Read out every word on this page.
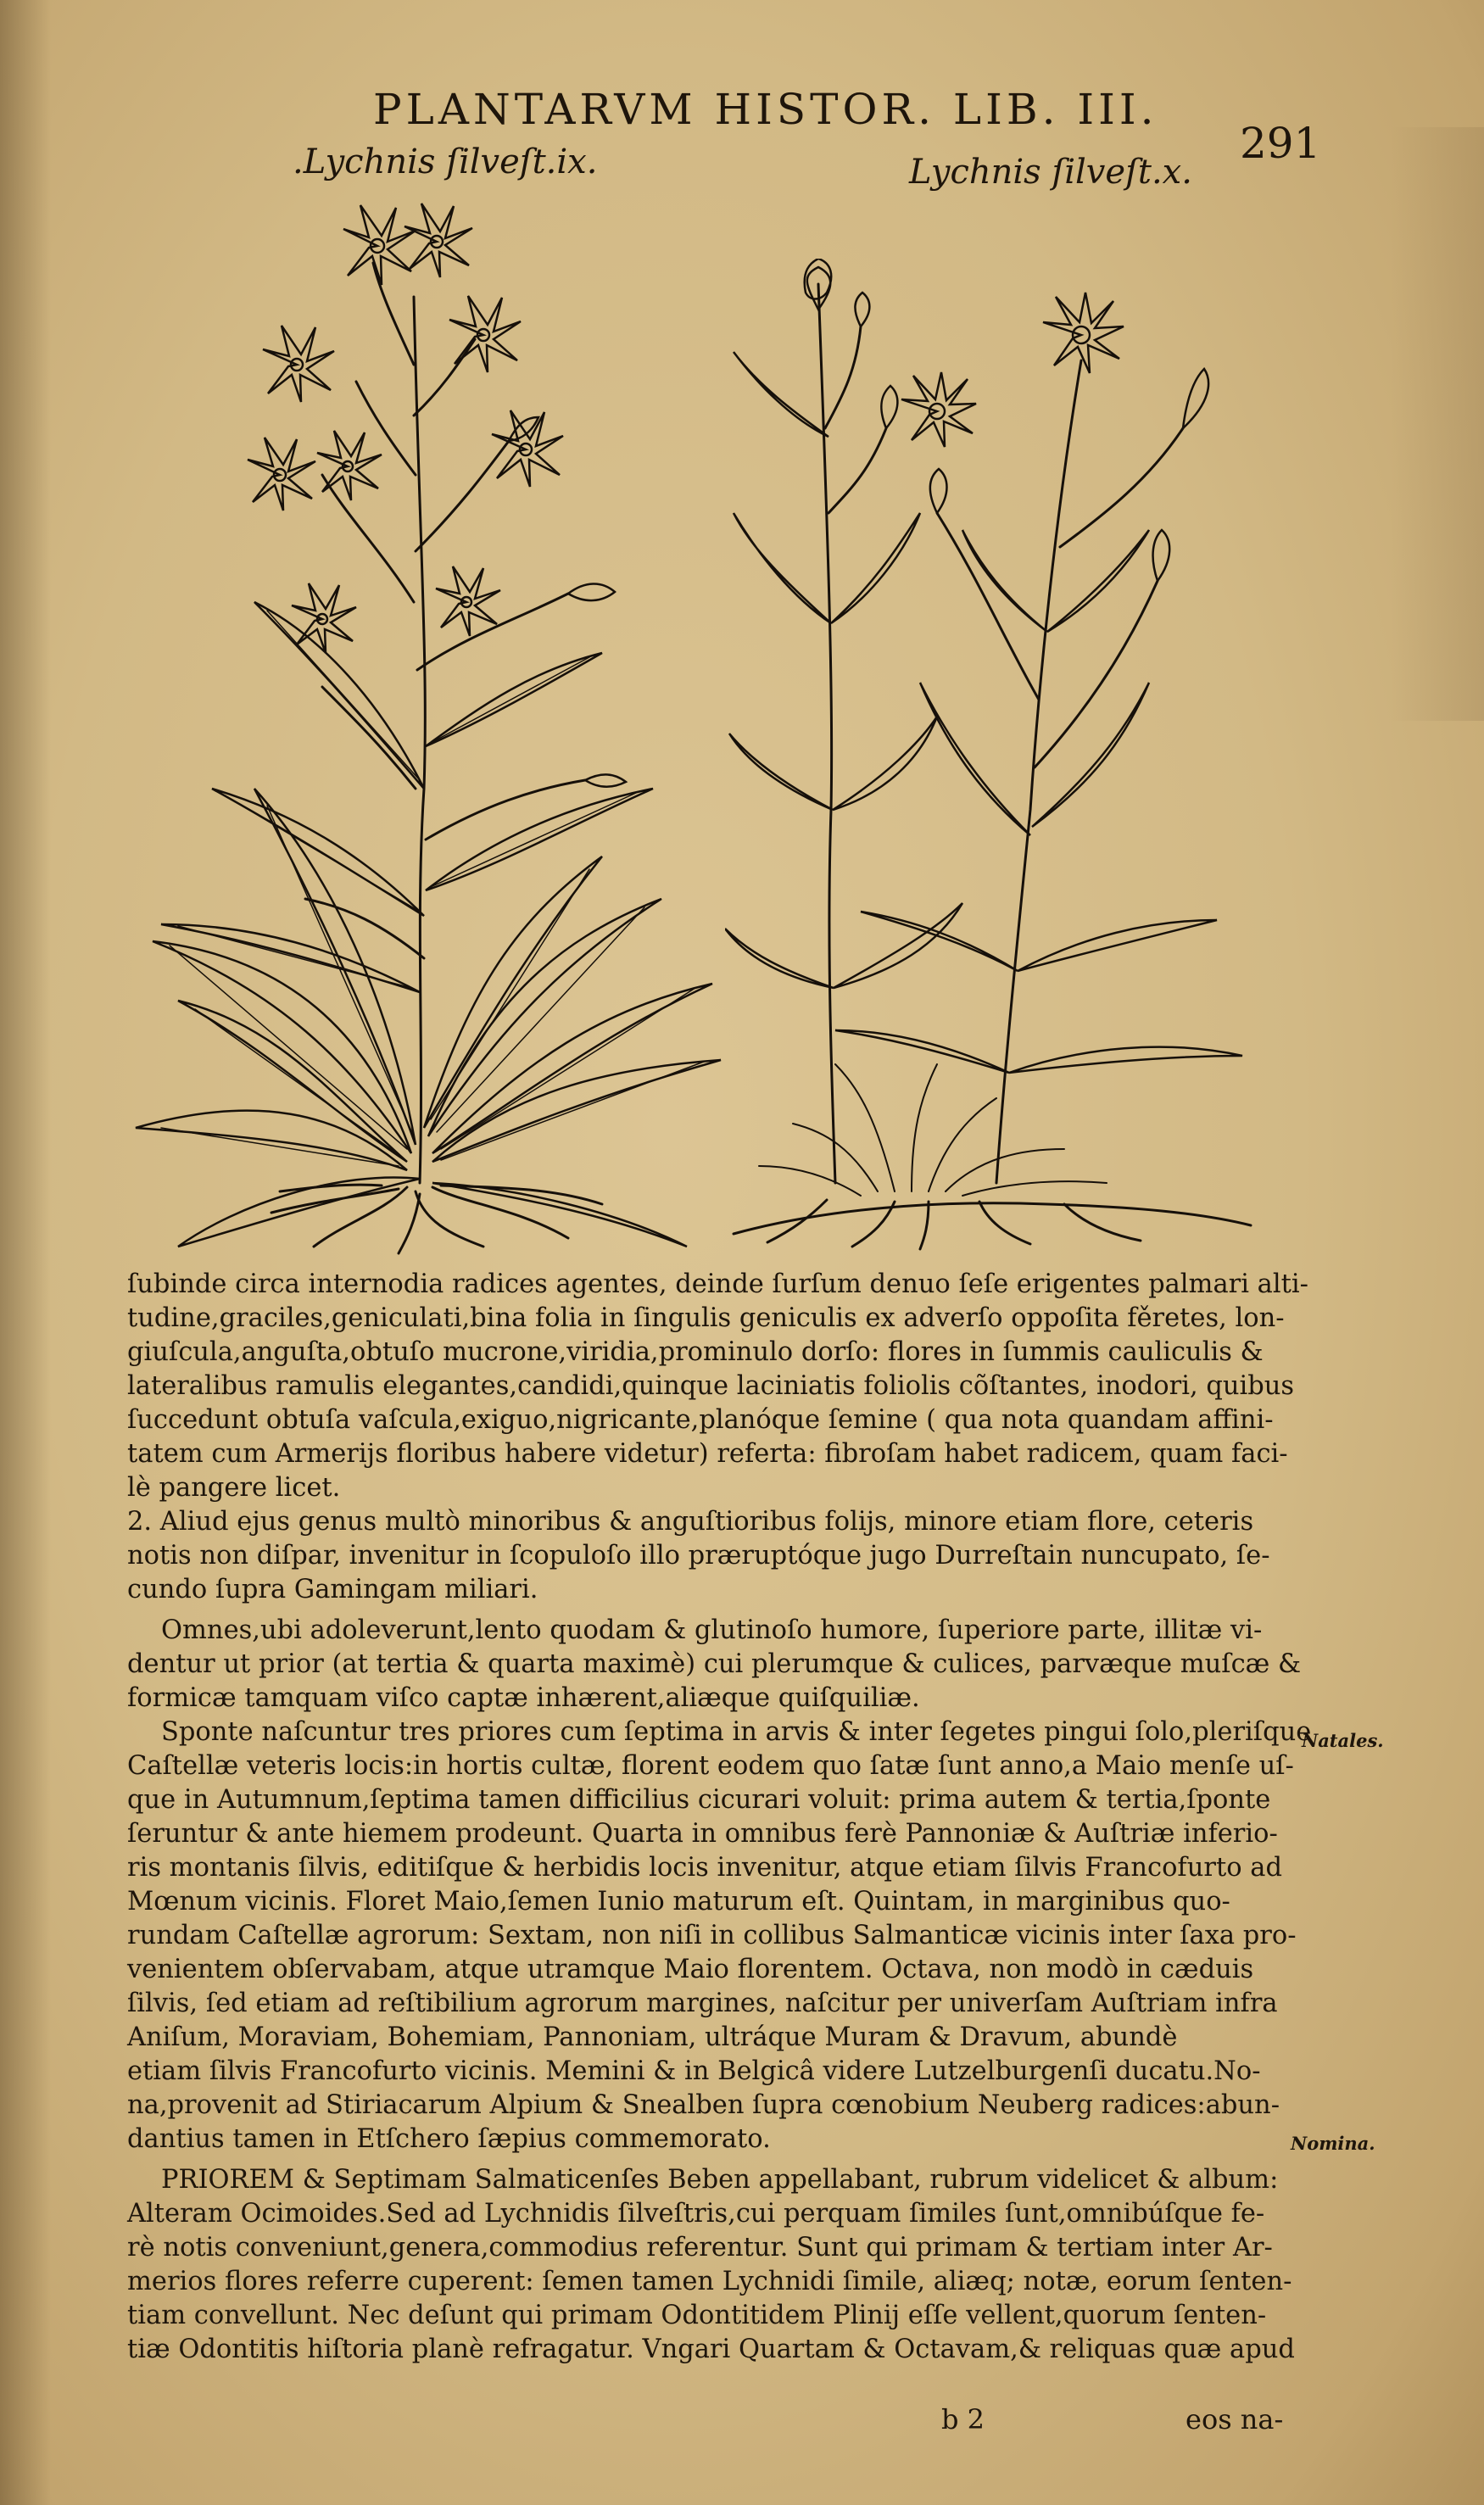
PLANTARVM HISTOR. LIB. III.
291
.Lychnis ſilveſt.ix.	Lychnis ſilveſt.x.
ſubinde circa internodia radices agentes, deinde ſurſum denuo ſeſe erigentes palmari alti-
tudine,graciles,geniculati,bina folia in ſingulis geniculis ex adverſo oppoſita fěretes, lon-
giuſcula,anguſta,obtuſo mucrone,viridia,prominulo dorſo: flores in ſummis cauliculis &
lateralibus ramulis elegantes,candidi,quinque laciniatis foliolis cõſtantes, inodori, quibus
ſuccedunt obtuſa vaſcula,exiguo,nigricante,planóque ſemine ( qua nota quandam affini-
tatem cum Armerijs floribus habere videtur) referta: fibroſam habet radicem, quam faci-
lè pangere licet.
2. Aliud ejus genus multò minoribus & anguſtioribus folijs, minore etiam flore, ceteris
notis non diſpar, invenitur in ſcopuloſo illo præruptóque jugo Durreſtain nuncupato, ſe-
cundo ſupra Gamingam miliari.
Omnes,ubi adoleverunt,lento quodam & glutinoſo humore, ſuperiore parte, illitæ vi-
dentur ut prior (at tertia & quarta maximè) cui plerumque & culices, parvæque muſcæ &
formicæ tamquam viſco captæ inhærent,aliæque quiſquiliæ.
Sponte naſcuntur tres priores cum ſeptima in arvis & inter ſegetes pingui ſolo,pleriſque
Caſtellæ veteris locis:in hortis cultæ, florent eodem quo ſatæ ſunt anno,a Maio menſe uſ-
que in Autumnum,ſeptima tamen difficilius cicurari voluit: prima autem & tertia,ſponte
ſeruntur & ante hiemem prodeunt. Quarta in omnibus ferè Pannoniæ & Auſtriæ inferio-
ris montanis ſilvis, editiſque & herbidis locis invenitur, atque etiam ſilvis Francofurto ad
Mœnum vicinis. Floret Maio,ſemen Iunio maturum eſt. Quintam, in marginibus quo-
rundam Caſtellæ agrorum: Sextam, non niſi in collibus Salmanticæ vicinis inter ſaxa pro-
venientem obſervabam, atque utramque Maio florentem. Octava, non modò in cæduis
ſilvis, ſed etiam ad reſtibilium agrorum margines, naſcitur per univerſam Auſtriam infra
Aniſum, Moraviam, Bohemiam, Pannoniam, ultráque Muram & Dravum, abundè
etiam ſilvis Francofurto vicinis. Memini & in Belgicâ videre Lutzelburgenſi ducatu.No-
na,provenit ad Stiriacarum Alpium & Snealben ſupra cœnobium Neuberg radices:abun-
dantius tamen in Etſchero ſæpius commemorato.
PRIOREM & Septimam Salmaticenſes Beben appellabant, rubrum videlicet & album:
Alteram Ocimoides.Sed ad Lychnidis ſilveſtris,cui perquam ſimiles ſunt,omnibúſque fe-
rè notis conveniunt,genera,commodius referentur. Sunt qui primam & tertiam inter Ar-
merios flores referre cuperent: ſemen tamen Lychnidi ſimile, aliæq; notæ, eorum ſenten-
tiam convellunt. Nec deſunt qui primam Odontitidem Plinij eſſe vellent,quorum ſenten-
tiæ Odontitis hiſtoria planè refragatur. Vngari Quartam & Octavam,& reliquas quæ apud
Natales.
Nomina.
b 2	eos na-
